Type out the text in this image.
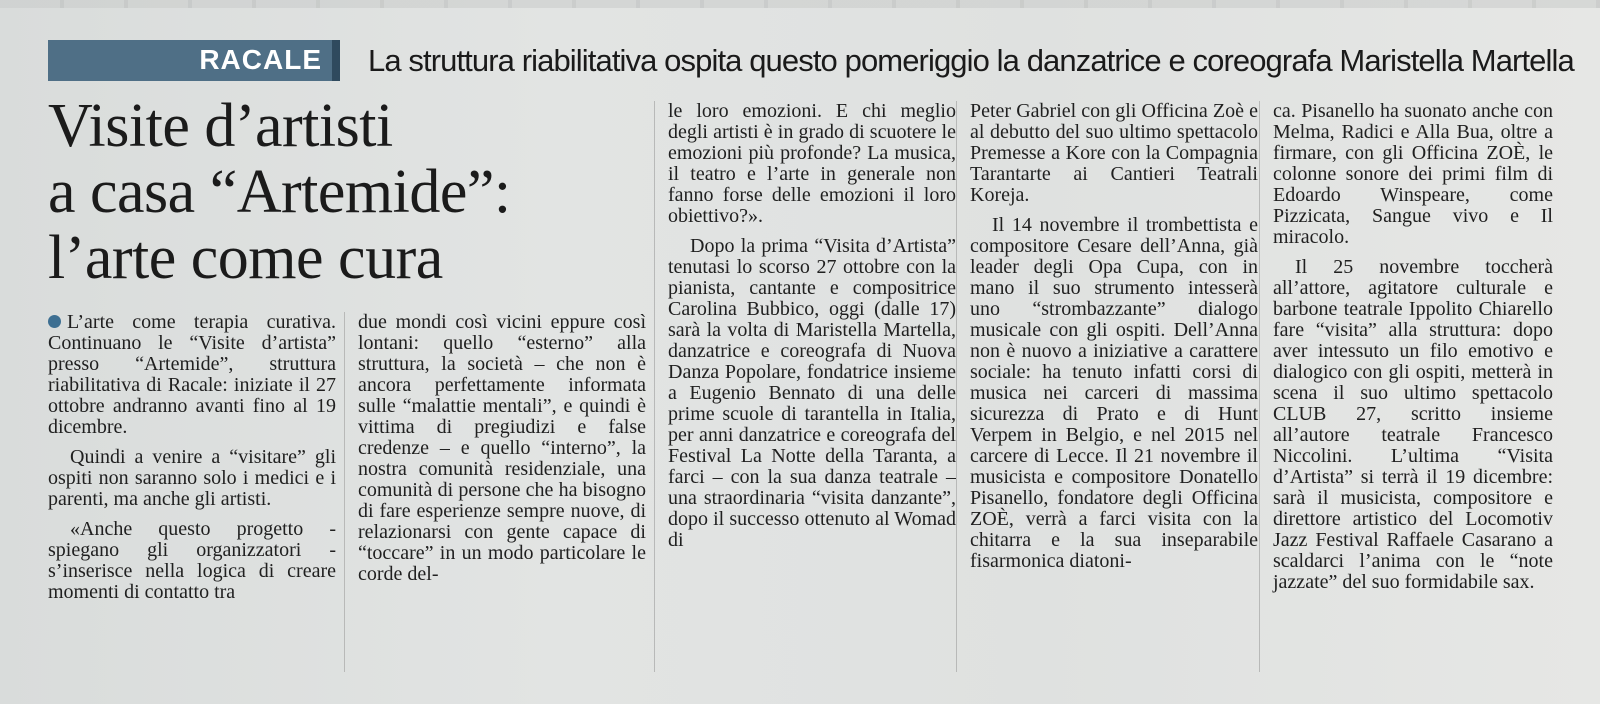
RACALE La struttura riabilitativa ospita questo pomeriggio la danzatrice e coreografa Maristella Martella
Visite d’artisti
a casa “Artemide”:
l’arte come cura

L’arte come terapia curativa. Continuano le “Visite d’artista” presso “Artemide”, struttura riabilitativa di Racale: iniziate il 27 ottobre andranno avanti fino al 19 dicembre.

Quindi a venire a “visitare” gli ospiti non saranno solo i medici e i parenti, ma anche gli artisti.

«Anche questo progetto - spiegano gli organizzatori - s’inserisce nella logica di creare momenti di contatto tra

due mondi così vicini eppure così lontani: quello “esterno” alla struttura, la società – che non è ancora perfettamente informata sulle “malattie mentali”, e quindi è vittima di pregiudizi e false credenze – e quello “interno”, la nostra comunità residenziale, una comunità di persone che ha bisogno di fare esperienze sempre nuove, di relazionarsi con gente capace di “toccare” in un modo particolare le corde del-

le loro emozioni. E chi meglio degli artisti è in grado di scuotere le emozioni più profonde? La musica, il teatro e l’arte in generale non fanno forse delle emozioni il loro obiettivo?».

Dopo la prima “Visita d’Artista” tenutasi lo scorso 27 ottobre con la pianista, cantante e compositrice Carolina Bubbico, oggi (dalle 17) sarà la volta di Maristella Martella, danzatrice e coreografa di Nuova Danza Popolare, fondatrice insieme a Eugenio Bennato di una delle prime scuole di tarantella in Italia, per anni danzatrice e coreografa del Festival La Notte della Taranta, a farci – con la sua danza teatrale – una straordinaria “visita danzante”, dopo il successo ottenuto al Womad di

Peter Gabriel con gli Officina Zoè e al debutto del suo ultimo spettacolo Premesse a Kore con la Compagnia Tarantarte ai Cantieri Teatrali Koreja.

Il 14 novembre il trombettista e compositore Cesare dell’Anna, già leader degli Opa Cupa, con in mano il suo strumento intesserà uno “strombazzante” dialogo musicale con gli ospiti. Dell’Anna non è nuovo a iniziative a carattere sociale: ha tenuto infatti corsi di musica nei carceri di massima sicurezza di Prato e di Hunt Verpem in Belgio, e nel 2015 nel carcere di Lecce. Il 21 novembre il musicista e compositore Donatello Pisanello, fondatore degli Officina ZOÈ, verrà a farci visita con la chitarra e la sua inseparabile fisarmonica diatoni-

ca. Pisanello ha suonato anche con Melma, Radici e Alla Bua, oltre a firmare, con gli Officina ZOÈ, le colonne sonore dei primi film di Edoardo Winspeare, come Pizzicata, Sangue vivo e Il miracolo.

Il 25 novembre toccherà all’attore, agitatore culturale e barbone teatrale Ippolito Chiarello fare “visita” alla struttura: dopo aver intessuto un filo emotivo e dialogico con gli ospiti, metterà in scena il suo ultimo spettacolo CLUB 27, scritto insieme all’autore teatrale Francesco Niccolini. L’ultima “Visita d’Artista” si terrà il 19 dicembre: sarà il musicista, compositore e direttore artistico del Locomotiv Jazz Festival Raffaele Casarano a scaldarci l’anima con le “note jazzate” del suo formidabile sax.
